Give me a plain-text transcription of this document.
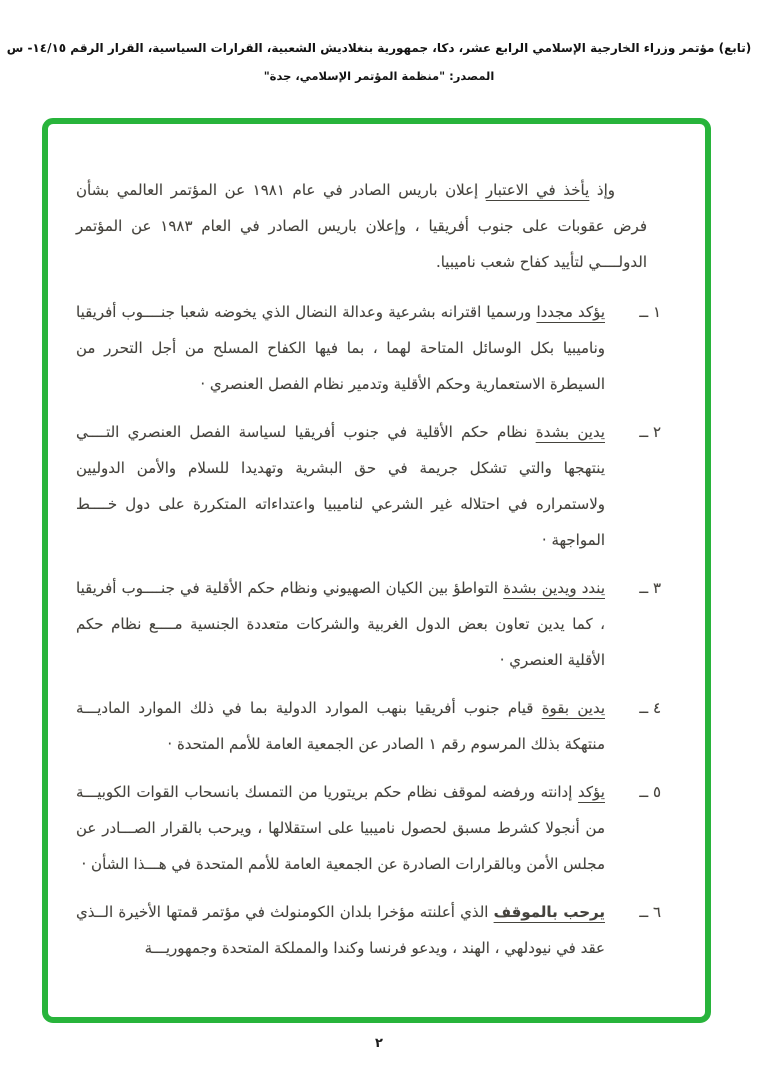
(تابع) مؤتمر وزراء الخارجية الإسلامي الرابع عشر، دكا، جمهورية بنغلاديش الشعبية، القرارات السياسية، القرار الرقم ١٤/١٥- س
المصدر: "منظمة المؤتمر الإسلامي، جدة"

وإذ يأخذ في الاعتبار إعلان باريس الصادر في عام ١٩٨١ عن المؤتمر العالمي بشأن فرض عقوبات على جنوب أفريقيا ، وإعلان باريس الصادر في العام ١٩٨٣ عن المؤتمر الدولــــي لتأييد كفاح شعب ناميبيا.

١ ــ

يؤكد مجددا ورسميا اقترانه بشرعية وعدالة النضال الذي يخوضه شعبا جنــــوب أفريقيا وناميبيا بكل الوسائل المتاحة لهما ، بما فيها الكفاح المسلح من أجل التحرر من السيطرة الاستعمارية وحكم الأقلية وتدمير نظام الفصل العنصري ·

٢ ــ

يدين بشدة نظام حكم الأقلية في جنوب أفريقيا لسياسة الفصل العنصري التــــي ينتهجها والتي تشكل جريمة في حق البشرية وتهديدا للسلام والأمن الدوليين ولاستمراره في احتلاله غير الشرعي لناميبيا واعتداءاته المتكررة على دول خــــط المواجهة ·

٣ ــ

يندد ويدين بشدة التواطؤ بين الكيان الصهيوني ونظام حكم الأقلية في جنــــوب أفريقيا ، كما يدين تعاون بعض الدول الغربية والشركات متعددة الجنسية مــــع نظام حكم الأقلية العنصري ·

٤ ــ

يدين بقوة قيام جنوب أفريقيا بنهب الموارد الدولية بما في ذلك الموارد الماديـــة منتهكة بذلك المرسوم رقم ١ الصادر عن الجمعية العامة للأمم المتحدة ·

٥ ــ

يؤكد إدانته ورفضه لموقف نظام حكم بريتوريا من التمسك بانسحاب القوات الكوبيـــة من أنجولا كشرط مسبق لحصول ناميبيا على استقلالها ، ويرحب بالقرار الصـــادر عن مجلس الأمن وبالقرارات الصادرة عن الجمعية العامة للأمم المتحدة في هـــذا الشأن ·

٦ ــ

يرحب بالموقف الذي أعلنته مؤخرا بلدان الكومنولث في مؤتمر قمتها الأخيرة الــذي عقد في نيودلهي ، الهند ، ويدعو فرنسا وكندا والمملكة المتحدة وجمهوريـــة

٢
